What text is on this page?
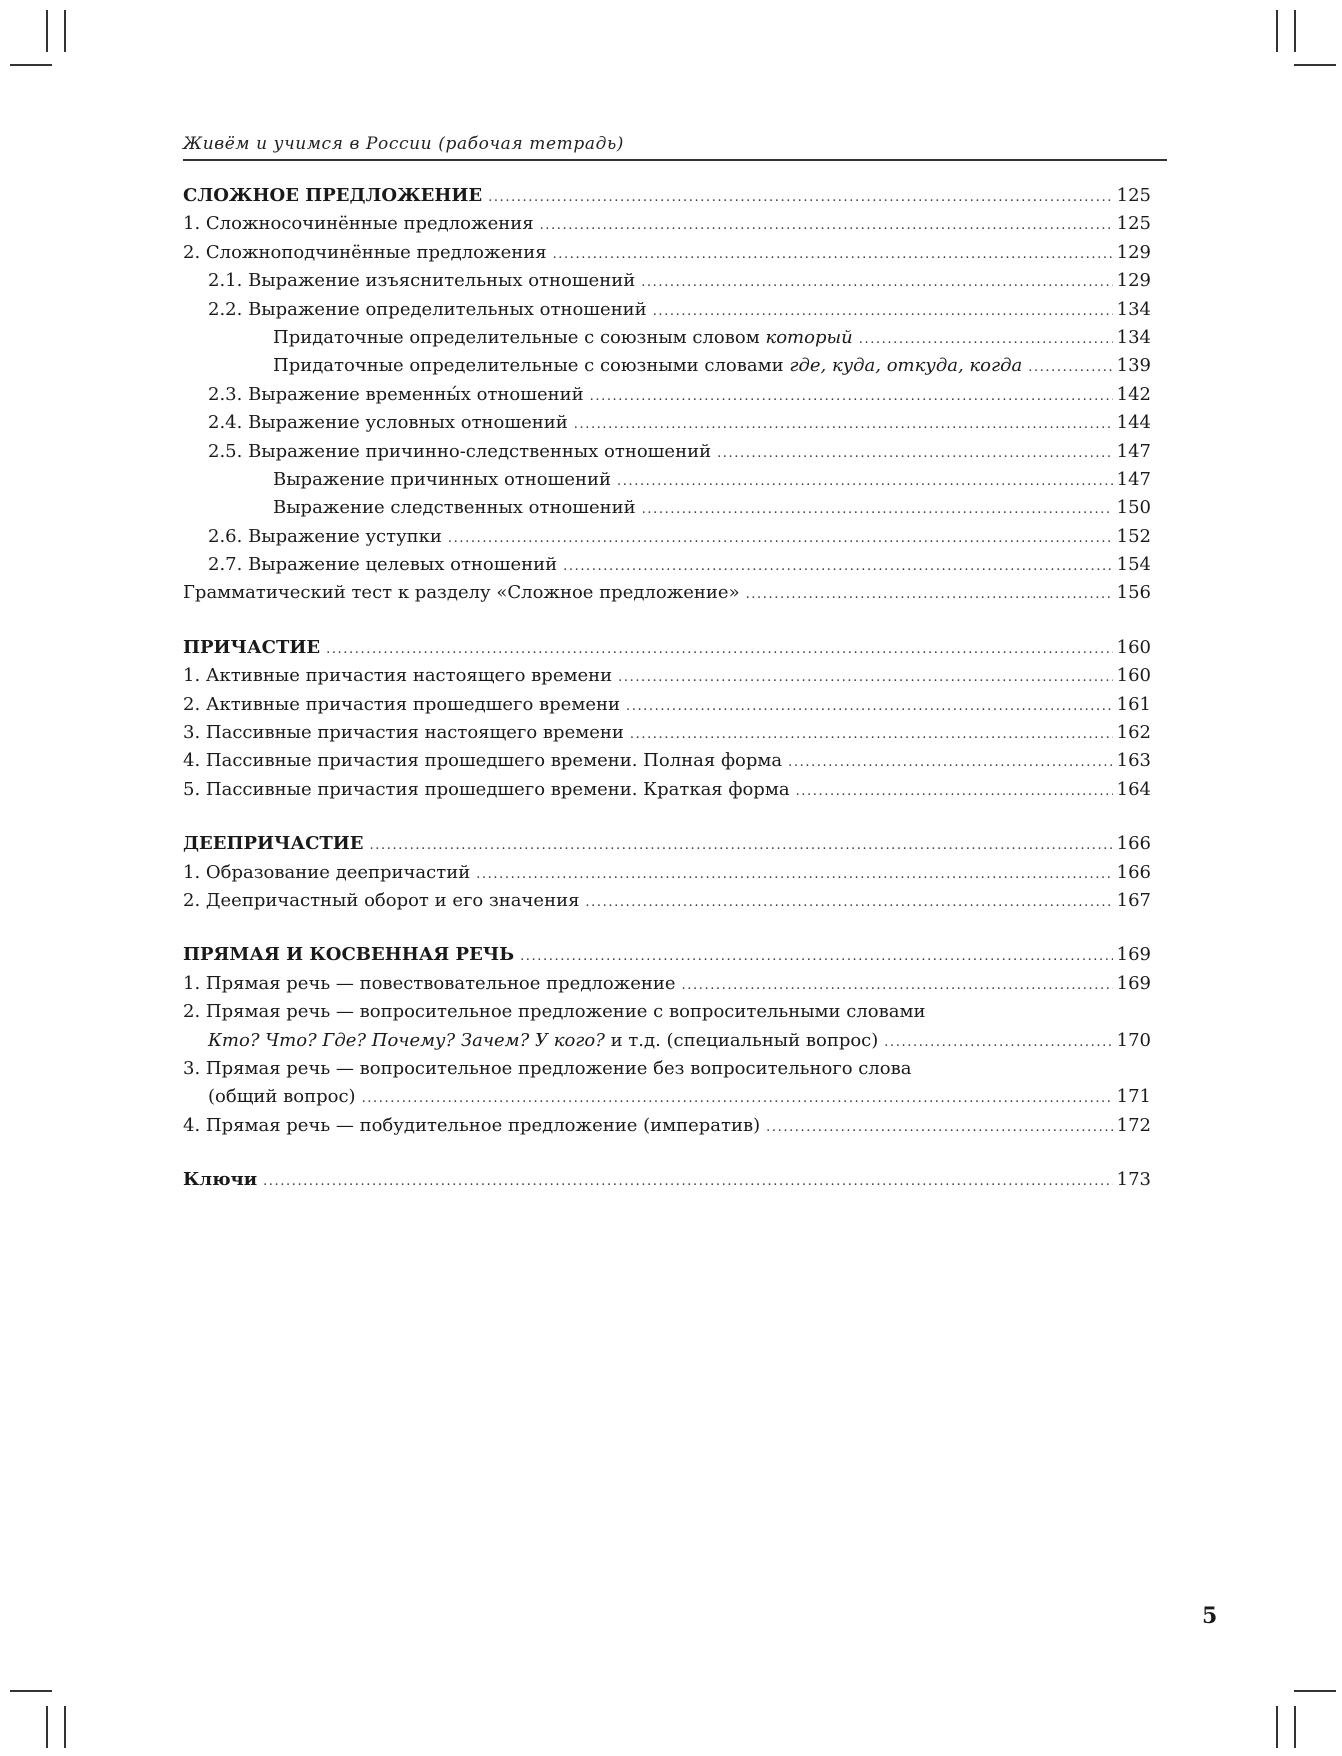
Живём и учимся в России (рабочая тетрадь)
СЛОЖНОЕ ПРЕДЛОЖЕНИЕ .....	125
1. Сложносочинённые предложения .....	125
2. Сложноподчинённые предложения .....	129
2.1. Выражение изъяснительных отношений .....	129
2.2. Выражение определительных отношений .....	134
Придаточные определительные с союзным словом который .....	134
Придаточные определительные с союзными словами где, куда, откуда, когда .....	139
2.3. Выражение временны́х отношений .....	142
2.4. Выражение условных отношений .....	144
2.5. Выражение причинно-следственных отношений .....	147
Выражение причинных отношений .....	147
Выражение следственных отношений .....	150
2.6. Выражение уступки .....	152
2.7. Выражение целевых отношений .....	154
Грамматический тест к разделу «Сложное предложение» .....	156
ПРИЧАСТИЕ .....	160
1. Активные причастия настоящего времени .....	160
2. Активные причастия прошедшего времени .....	161
3. Пассивные причастия настоящего времени .....	162
4. Пассивные причастия прошедшего времени. Полная форма .....	163
5. Пассивные причастия прошедшего времени. Краткая форма .....	164
ДЕЕПРИЧАСТИЕ .....	166
1. Образование деепричастий .....	166
2. Деепричастный оборот и его значения .....	167
ПРЯМАЯ И КОСВЕННАЯ РЕЧЬ .....	169
1. Прямая речь — повествовательное предложение .....	169
2. Прямая речь — вопросительное предложение с вопросительными словами
Кто? Что? Где? Почему? Зачем? У кого? и т.д. (специальный вопрос) .....	170
3. Прямая речь — вопросительное предложение без вопросительного слова
(общий вопрос) .....	171
4. Прямая речь — побудительное предложение (императив) .....	172
Ключи .....	173
5
